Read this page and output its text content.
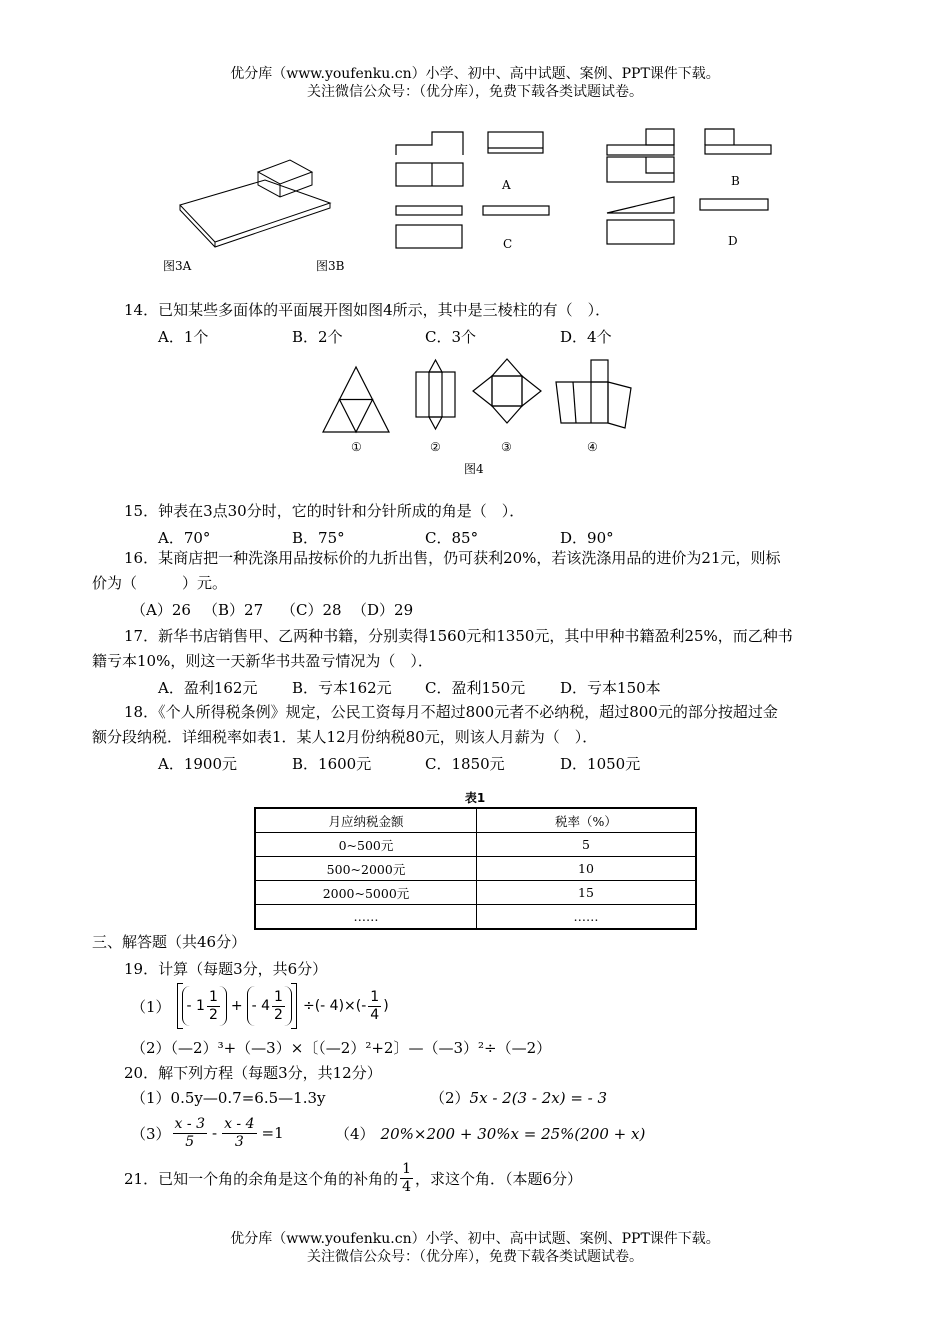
优分库（www.youfenku.cn）小学、初中、高中试题、案例、PPT课件下载。
关注微信公众号：（优分库），免费下载各类试题试卷。
图3A	图3B
A	B
C	D
14．已知某些多面体的平面展开图如图4所示，其中是三棱柱的有（　）．
A．1个	B．2个	C．3个	D．4个
①	②	③	④
图4
15．钟表在3点30分时，它的时针和分针所成的角是（　）．
A．70°	B．75°	C．85°	D．90°
16．某商店把一种洗涤用品按标价的九折出售，仍可获利20%，若该洗涤用品的进价为21元，则标
价为（　　　）元。
（A）26 （B）27 （C）28 （D）29
17．新华书店销售甲、乙两种书籍，分别卖得1560元和1350元，其中甲种书籍盈利25%，而乙种书
籍亏本10%，则这一天新华书共盈亏情况为（　）．
A．盈利162元 B．亏本162元 C．盈利150元 D．亏本150本
18．《个人所得税条例》规定，公民工资每月不超过800元者不必纳税，超过800元的部分按超过金
额分段纳税．详细税率如表1．某人12月份纳税80元，则该人月薪为（　）．
A．1900元	B．1600元	C．1850元	D．1050元
表1
月应纳税金额	税率（%）
0~500元	5
500~2000元	10
2000~5000元	15
……	……
三、解答题（共46分）
19．计算（每题3分，共6分）
$(1) - 1 \frac{1}{2}$ + - $4 \frac{1}{2}$ ÷(- $4)\times(- \frac{1}{4}$ )
（2）（—2）³+（—3）×〔（—2）²+2〕—（—3）²÷（—2）
20．解下列方程（每题3分，共12分）
（1）0.5y—0.7=6.5—1.3y	（2）5x - 2(3 - 2x) = - 3
$(3) \frac{x - 3}{5} - \frac{x - 4}{3} =1$	（4） 20%×200 + 30%x = 25%(200 + x)
21．已知一个角的余角是这个角的补角的 $\frac{1}{4}$ ，求这个角．（本题6分）
优分库（www.youfenku.cn）小学、初中、高中试题、案例、PPT课件下载。
关注微信公众号：（优分库），免费下载各类试题试卷。
